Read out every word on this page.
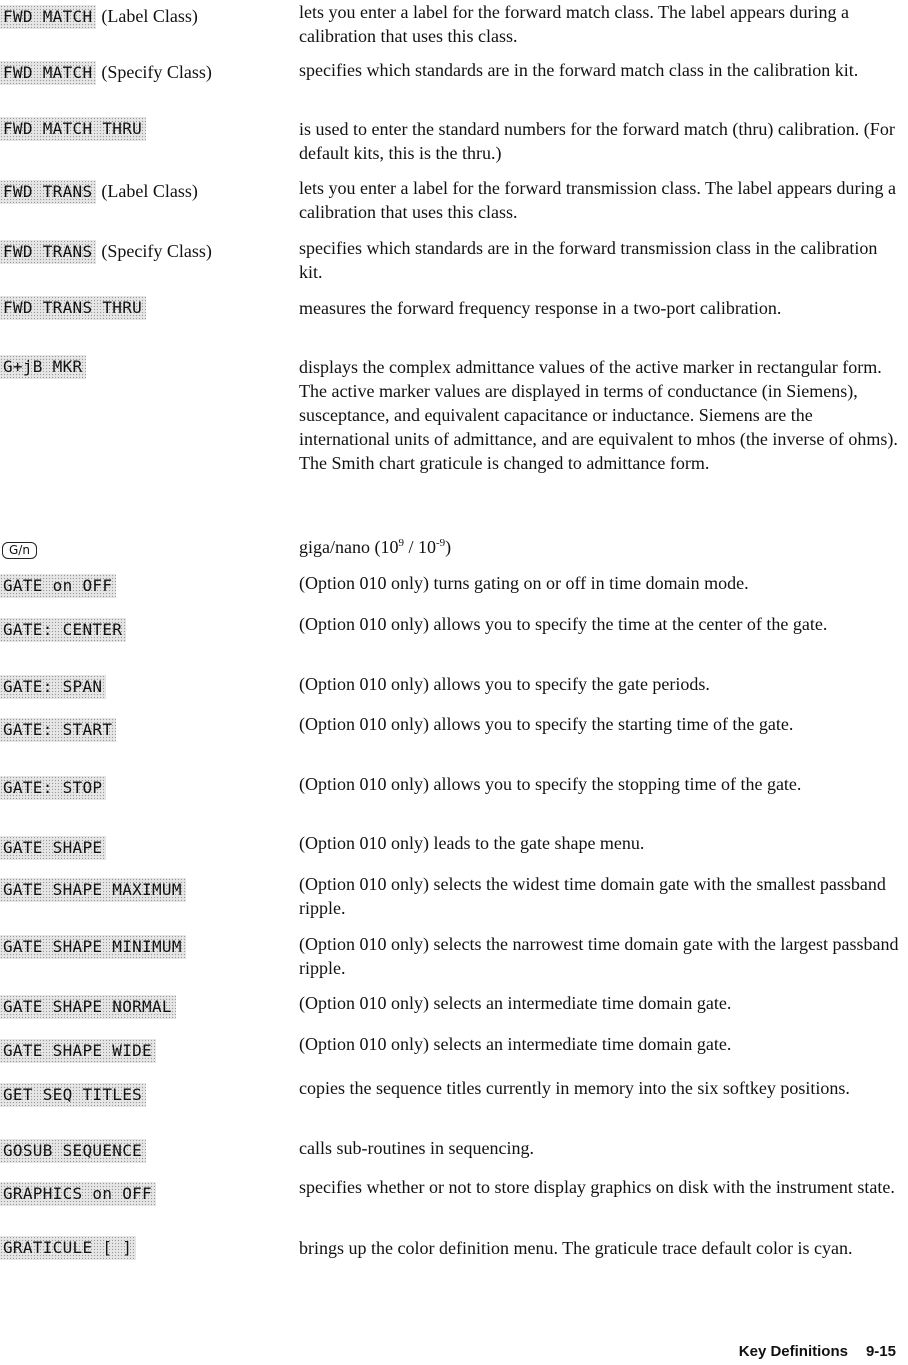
FWD MATCH (Label Class)	lets you enter a label for the forward match class. The label appears during a calibration that uses this class.
FWD MATCH (Specify Class)	specifies which standards are in the forward match class in the calibration kit.
FWD MATCH THRU	is used to enter the standard numbers for the forward match (thru) calibration. (For default kits, this is the thru.)
FWD TRANS (Label Class)	lets you enter a label for the forward transmission class. The label appears during a calibration that uses this class.
FWD TRANS (Specify Class)	specifies which standards are in the forward transmission class in the calibration kit.
FWD TRANS THRU	measures the forward frequency response in a two-port calibration.
G+jB MKR	displays the complex admittance values of the active marker in rectangular form. The active marker values are displayed in terms of conductance (in Siemens), susceptance, and equivalent capacitance or inductance. Siemens are the international units of admittance, and are equivalent to mhos (the inverse of ohms). The Smith chart graticule is changed to admittance form.
G/n	giga/nano $(10^9 / 10^{-9})$
GATE on OFF	(Option 010 only) turns gating on or off in time domain mode.
GATE: CENTER	(Option 010 only) allows you to specify the time at the center of the gate.
GATE: SPAN	(Option 010 only) allows you to specify the gate periods.
GATE: START	(Option 010 only) allows you to specify the starting time of the gate.
GATE: STOP	(Option 010 only) allows you to specify the stopping time of the gate.
GATE SHAPE	(Option 010 only) leads to the gate shape menu.
GATE SHAPE MAXIMUM	(Option 010 only) selects the widest time domain gate with the smallest passband ripple.
GATE SHAPE MINIMUM	(Option 010 only) selects the narrowest time domain gate with the largest passband ripple.
GATE SHAPE NORMAL	(Option 010 only) selects an intermediate time domain gate.
GATE SHAPE WIDE	(Option 010 only) selects an intermediate time domain gate.
GET SEQ TITLES	copies the sequence titles currently in memory into the six softkey positions.
GOSUB SEQUENCE	calls sub-routines in sequencing.
GRAPHICS on OFF	specifies whether or not to store display graphics on disk with the instrument state.
GRATICULE [ ]	brings up the color definition menu. The graticule trace default color is cyan.
Key Definitions 9-15
